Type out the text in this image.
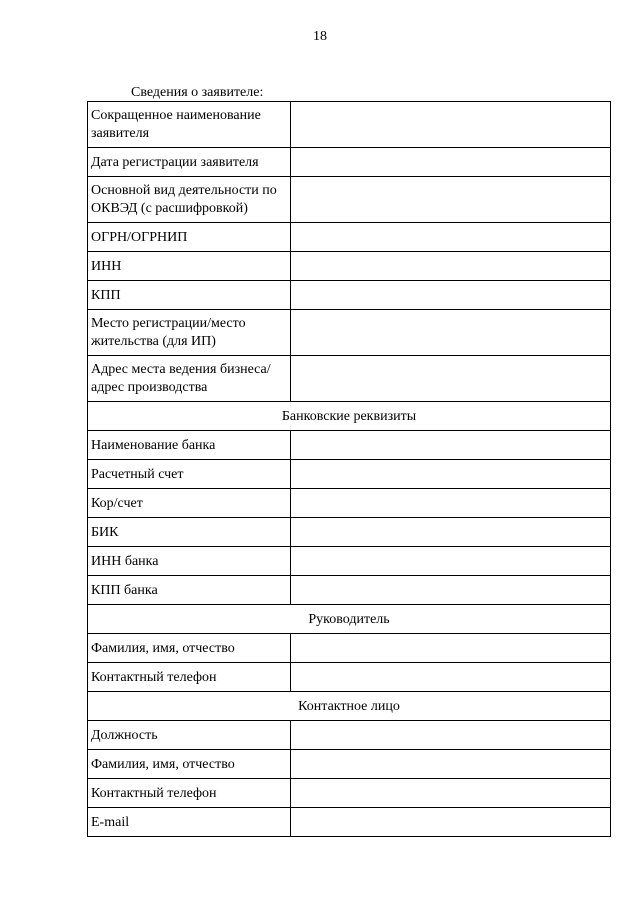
18
Сведения о заявителе:
Сокращенное наименование заявителя	
Дата регистрации заявителя	
Основной вид деятельности по ОКВЭД (с расшифровкой)	
ОГРН/ОГРНИП	
ИНН	
КПП	
Место регистрации/место жительства (для ИП)	
Адрес места ведения бизнеса/адрес производства	
Банковские реквизиты	
Наименование банка	
Расчетный счет	
Кор/счет	
БИК	
ИНН банка	
КПП банка	
Руководитель	
Фамилия, имя, отчество	
Контактный телефон	
Контактное лицо	
Должность	
Фамилия, имя, отчество	
Контактный телефон	
E-mail	
